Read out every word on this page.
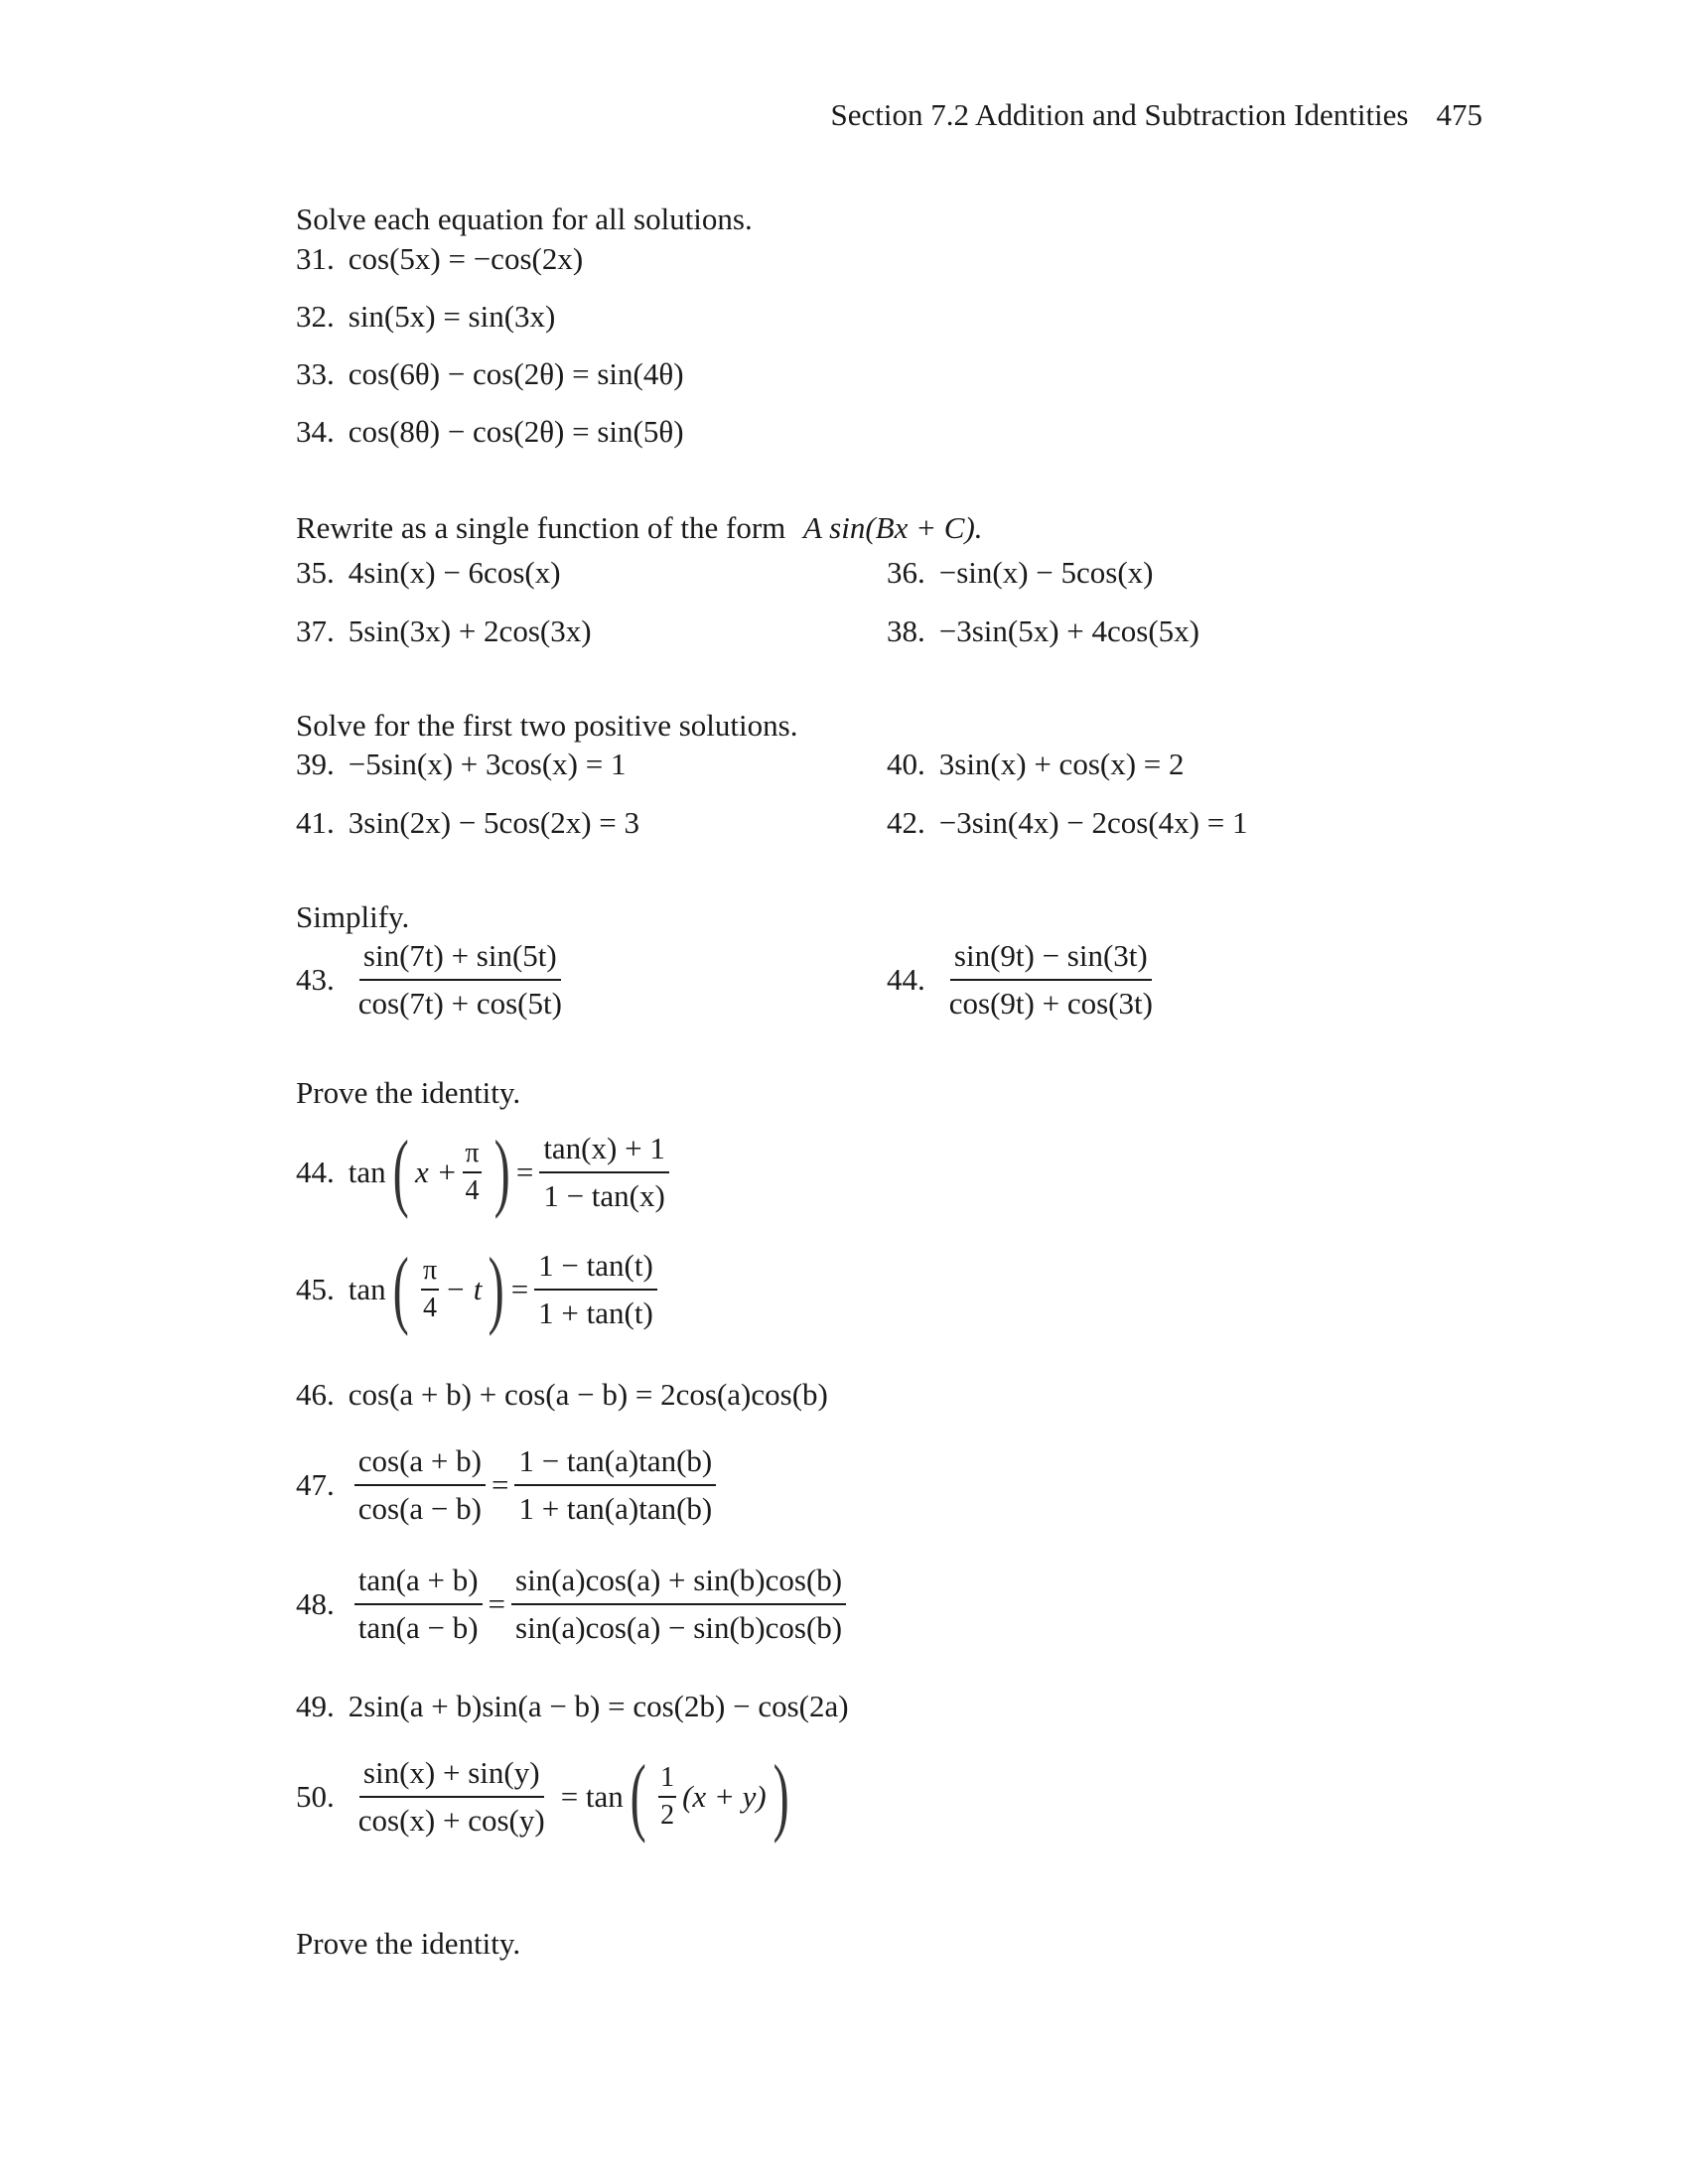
Section 7.2 Addition and Subtraction Identities 475
Solve each equation for all solutions.
31. cos(5x) = −cos(2x)
32. sin(5x) = sin(3x)
33. cos(6θ) − cos(2θ) = sin(4θ)
34. cos(8θ) − cos(2θ) = sin(5θ)
Rewrite as a single function of the form A sin(Bx + C).
35. 4sin(x) − 6cos(x)	36. −sin(x) − 5cos(x)
37. 5sin(3x) + 2cos(3x)	38. −3sin(5x) + 4cos(5x)
Solve for the first two positive solutions.
39. −5sin(x) + 3cos(x) = 1	40. 3sin(x) + cos(x) = 2
41. 3sin(2x) − 5cos(2x) = 3	42. −3sin(4x) − 2cos(4x) = 1
Simplify.
43. $\frac{\sin(7t) + \sin(5t)}{\cos(7t) + \cos(5t)}$	44. $\frac{\sin(9t) - \sin(3t)}{\cos(9t) + \cos(3t)}$
Prove the identity.
44. tan ( $x + \frac{\pi}{4}$ ) = $\frac{\tan(x) + 1}{1 - \tan(x)}$
45. tan ( $\frac{\pi}{4} - t$ ) = $\frac{1 - \tan(t)}{1 + \tan(t)}$
46. cos(a + b) + cos(a − b) = 2cos(a)cos(b)
47. $\frac{\cos(a + b)}{\cos(a - b)} = \frac{1 - \tan(a)\tan(b)}{1 + \tan(a)\tan(b)}$
48. $\frac{\tan(a + b)}{\tan(a - b)} = \frac{\sin(a)\cos(a) + \sin(b)\cos(b)}{\sin(a)\cos(a) - \sin(b)\cos(b)}$
49. 2sin(a + b)sin(a − b) = cos(2b) − cos(2a)
50. $\frac{\sin(x) + \sin(y)}{\cos(x) + \cos(y)} = \tan$ ( $\frac{1}{2} (x + y)$ )
Prove the identity.
